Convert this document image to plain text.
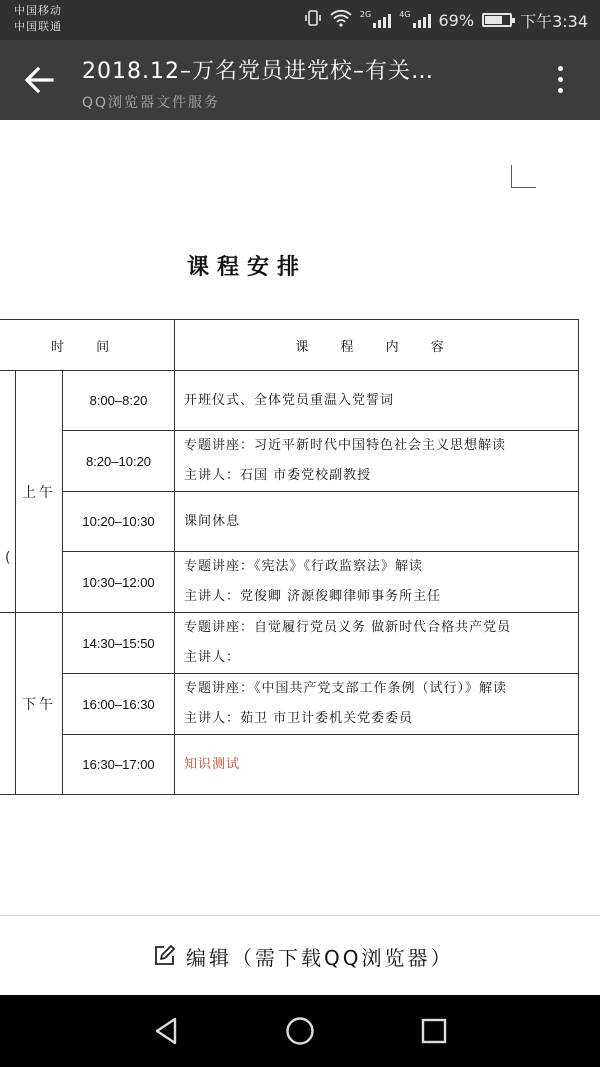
中国移动
中国联通
2G	4G 69%	下午3:34
2018.12–万名党员进党校–有关…
QQ浏览器文件服务
课程安排
(
时 间			课 程 内 容
	上午	8:00–8:20	开班仪式、全体党员重温入党誓词

		8:20–10:20	专题讲座：习近平新时代中国特色社会主义思想解读
主讲人：石国 市委党校副教授

		10:20–10:30	课间休息

		10:30–12:00	专题讲座：《宪法》《行政监察法》解读
主讲人：党俊卿 济源俊卿律师事务所主任

	下午	14:30–15:50	专题讲座：自觉履行党员义务 做新时代合格共产党员
主讲人：

		16:00–16:30	专题讲座：《中国共产党支部工作条例（试行）》解读
主讲人：茹卫 市卫计委机关党委委员

		16:30–17:00	知识测试
编辑（需下载QQ浏览器）
